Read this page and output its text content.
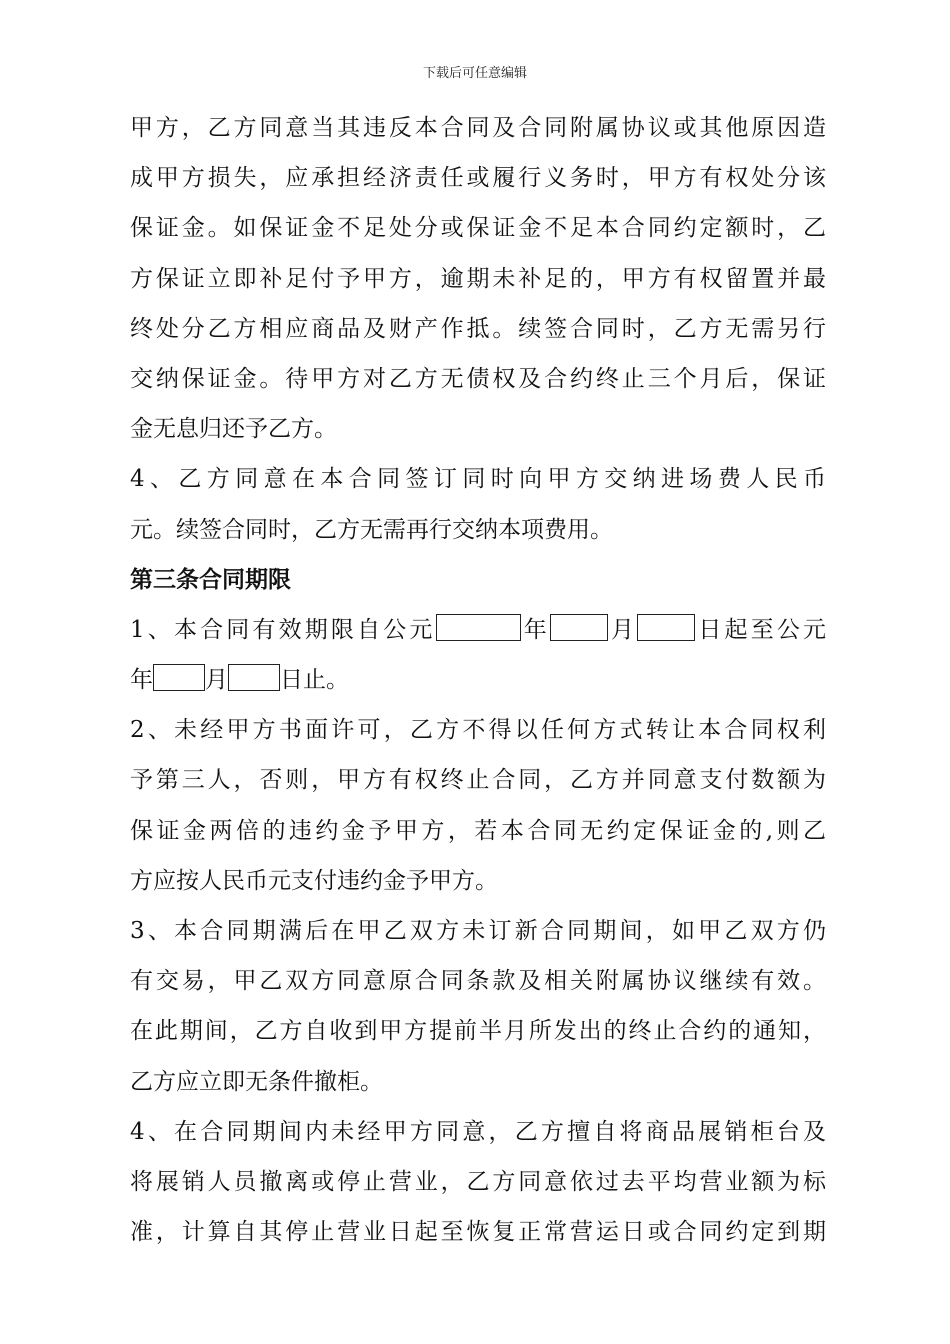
下载后可任意编辑
甲方，乙方同意当其违反本合同及合同附属协议或其他原因造
成甲方损失，应承担经济责任或履行义务时，甲方有权处分该
保证金。如保证金不足处分或保证金不足本合同约定额时，乙
方保证立即补足付予甲方，逾期未补足的，甲方有权留置并最
终处分乙方相应商品及财产作抵。续签合同时，乙方无需另行
交纳保证金。待甲方对乙方无债权及合约终止三个月后，保证
金无息归还予乙方。
4、乙方同意在本合同签订同时向甲方交纳进场费人民币
元。续签合同时，乙方无需再行交纳本项费用。
第三条合同期限
1、本合同有效期限自公元	年	月	日起至公元
年 月 日止。
2、未经甲方书面许可，乙方不得以任何方式转让本合同权利
予第三人，否则，甲方有权终止合同，乙方并同意支付数额为
保证金两倍的违约金予甲方，若本合同无约定保证金的,则乙
方应按人民币元支付违约金予甲方。
3、本合同期满后在甲乙双方未订新合同期间，如甲乙双方仍
有交易，甲乙双方同意原合同条款及相关附属协议继续有效。
在此期间，乙方自收到甲方提前半月所发出的终止合约的通知，
乙方应立即无条件撤柜。
4、在合同期间内未经甲方同意，乙方擅自将商品展销柜台及
将展销人员撤离或停止营业，乙方同意依过去平均营业额为标
准，计算自其停止营业日起至恢复正常营运日或合同约定到期
